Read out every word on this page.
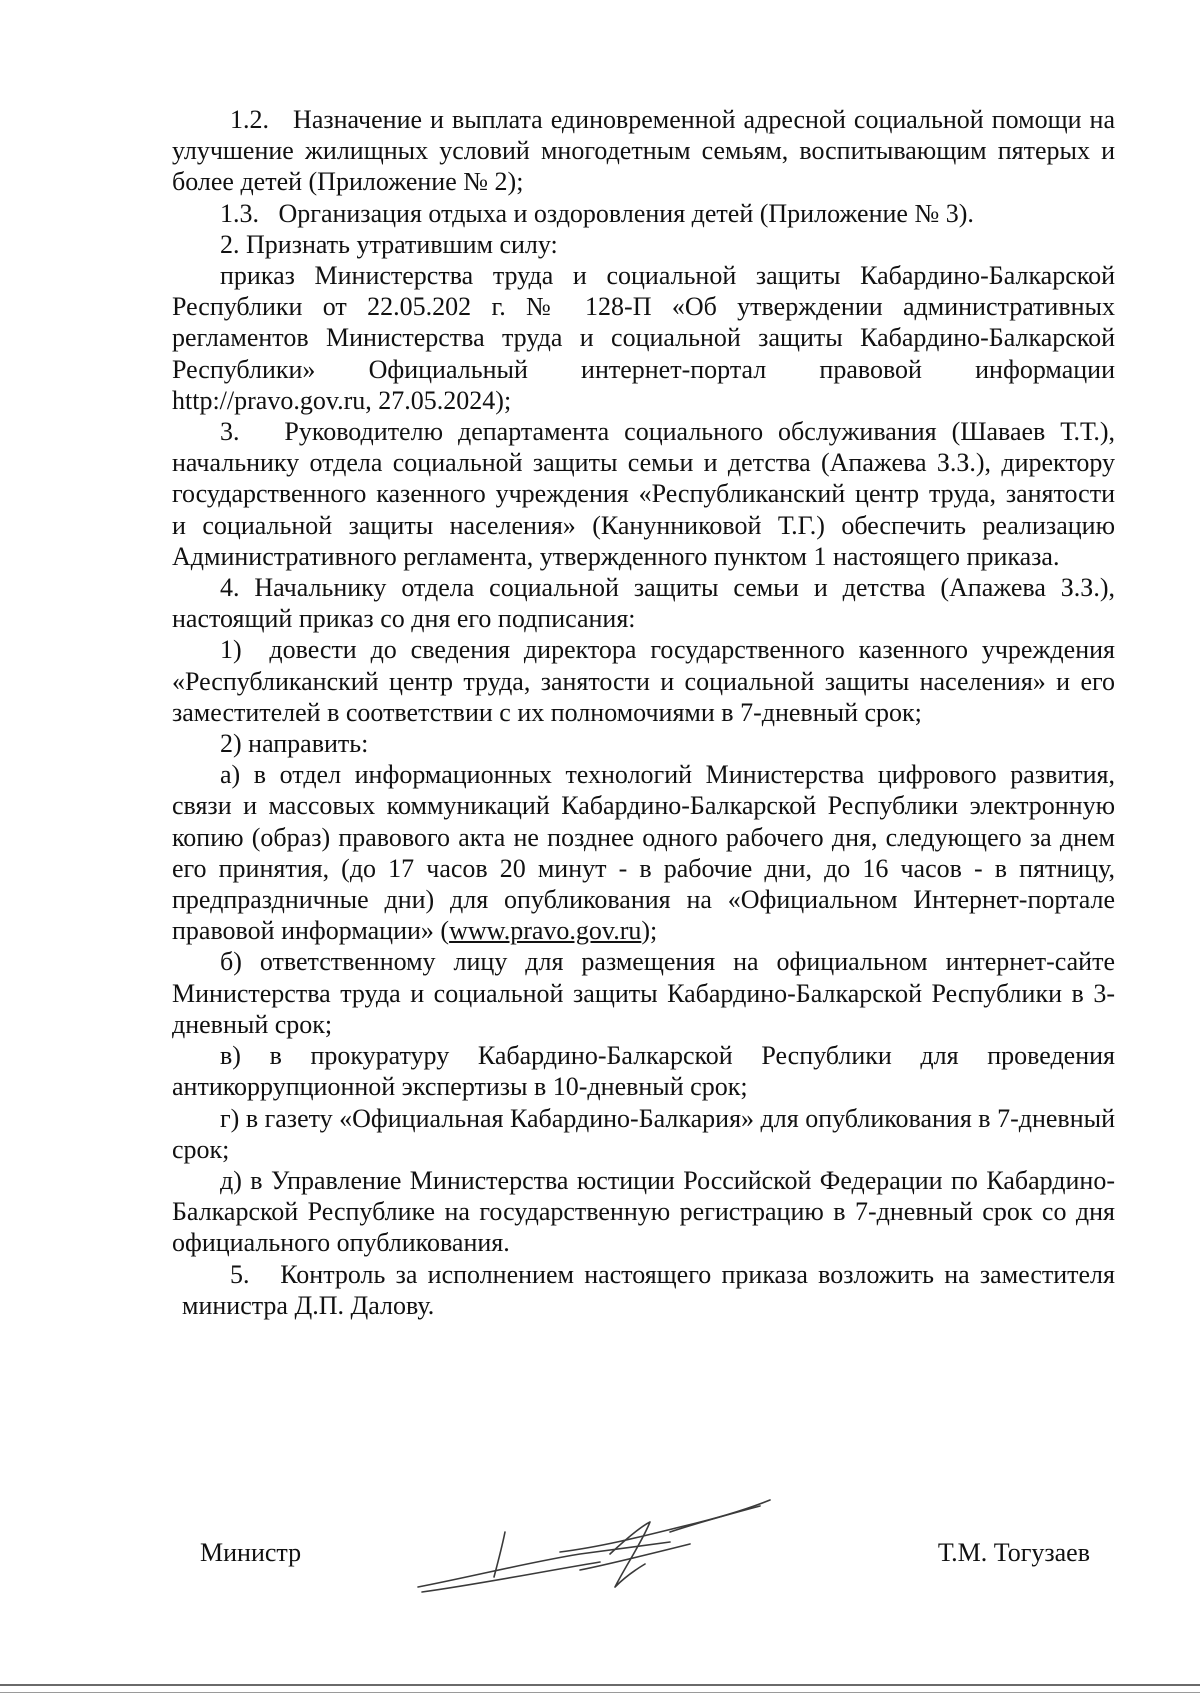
1.2.   Назначение и выплата единовременной адресной социальной помощи на улучшение жилищных условий многодетным семьям, воспитывающим пятерых и более детей (Приложение № 2);

1.3.   Организация отдыха и оздоровления детей (Приложение № 3).

2. Признать утратившим силу:

приказ Министерства труда и социальной защиты Кабардино-Балкарской Республики от 22.05.202 г. № 128-П «Об утверждении административных регламентов Министерства труда и социальной защиты Кабардино-Балкарской Республики» Официальный интернет-портал правовой информации http://pravo.gov.ru, 27.05.2024);

3.   Руководителю департамента социального обслуживания (Шаваев Т.Т.), начальнику отдела социальной защиты семьи и детства (Апажева З.З.), директору государственного казенного учреждения «Республиканский центр труда, занятости и социальной защиты населения» (Канунниковой Т.Г.) обеспечить реализацию Административного регламента, утвержденного пунктом 1 настоящего приказа.

4. Начальнику отдела социальной защиты семьи и детства (Апажева З.З.), настоящий приказ со дня его подписания:

1)  довести до сведения директора государственного казенного учреждения «Республиканский центр труда, занятости и социальной защиты населения» и его заместителей в соответствии с их полномочиями в 7-дневный срок;

2) направить:

а) в отдел информационных технологий Министерства цифрового развития, связи и массовых коммуникаций Кабардино-Балкарской Республики электронную копию (образ) правового акта не позднее одного рабочего дня, следующего за днем его принятия, (до 17 часов 20 минут - в рабочие дни, до 16 часов - в пятницу, предпраздничные дни) для опубликования на «Официальном Интернет-портале правовой информации» (www.pravo.gov.ru);

б) ответственному лицу для размещения на официальном интернет-сайте Министерства труда и социальной защиты Кабардино-Балкарской Республики в 3-дневный срок;

в) в прокуратуру Кабардино-Балкарской Республики для проведения антикоррупционной экспертизы в 10-дневный срок;

г) в газету «Официальная Кабардино-Балкария» для опубликования в 7-дневный срок;

д) в Управление Министерства юстиции Российской Федерации по Кабардино-Балкарской Республике на государственную регистрацию в 7-дневный срок со дня официального опубликования.

5.   Контроль за исполнением настоящего приказа возложить на заместителя министра Д.П. Далову.

Министр	Т.М. Тогузаев
